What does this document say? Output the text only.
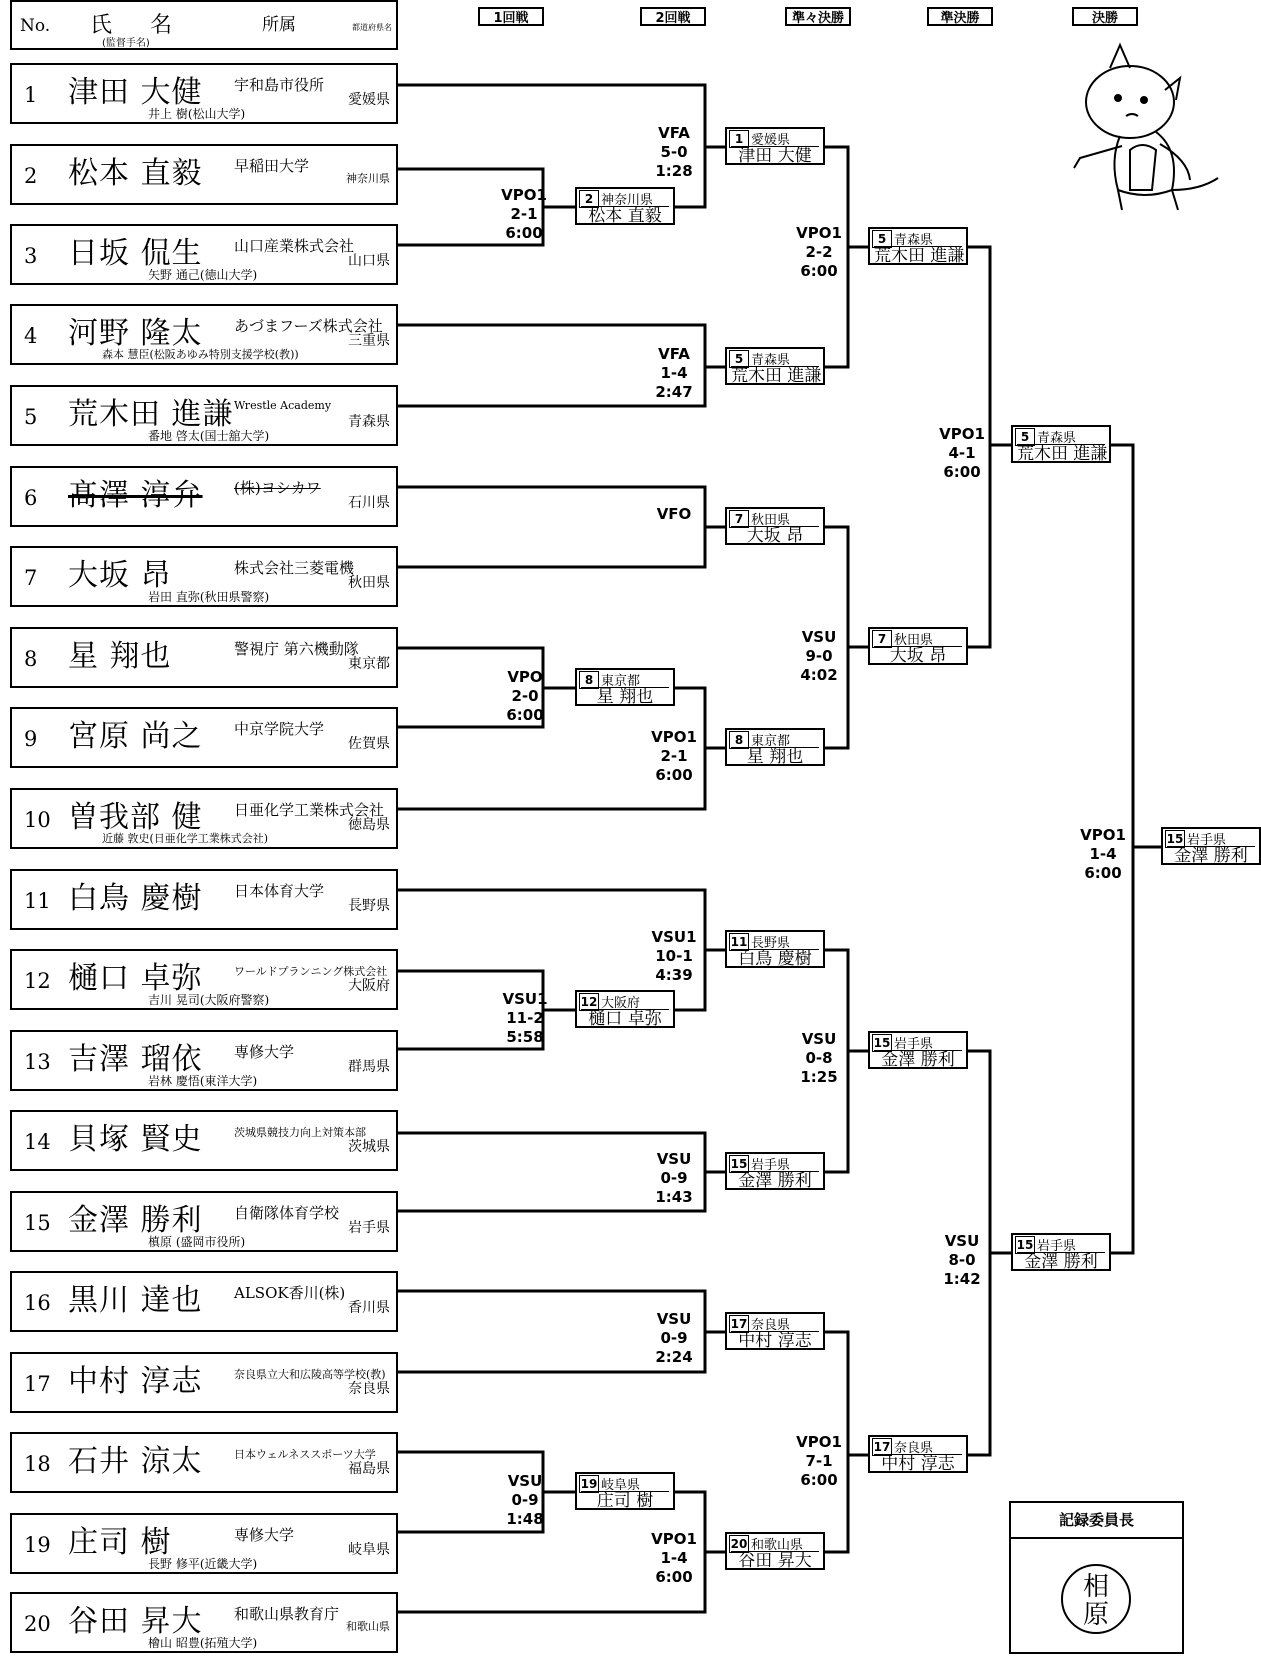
No. 氏　名
(監督手名)
所属	都道府県名
1回戦	2回戦	準々決勝	準決勝	決勝
1 津田 大健 宇和島市役所
愛媛県
井上 樹(松山大学)
2 松本 直毅 早稲田大学
神奈川県
3 日坂 侃生 山口産業株式会社
山口県
矢野 通己(徳山大学)
4 河野 隆太 あづまフーズ株式会社
三重県
森本 慧臣(松阪あゆみ特別支援学校(教))
5 荒木田 進謙 Wrestle Academy
青森県
番地 啓太(国士舘大学)
6 髙澤 淳弁 (株)ヨシカワ
石川県
7 大坂 昂	株式会社三菱電機
秋田県
岩田 直弥(秋田県警察)
8 星 翔也	警視庁 第六機動隊
東京都
9 宮原 尚之 中京学院大学
佐賀県
10 曽我部 健 日亜化学工業株式会社
徳島県
近藤 敦史(日亜化学工業株式会社)
11 白鳥 慶樹 日本体育大学
長野県
12 樋口 卓弥	ワールドプランニング株式会社
大阪府
吉川 晃司(大阪府警察)
13 吉澤 瑠依 専修大学
群馬県
岩林 慶悟(東洋大学)
14 貝塚 賢史	茨城県競技力向上対策本部
茨城県
15 金澤 勝利 自衛隊体育学校
岩手県
槙原 (盛岡市役所)
16 黒川 達也 ALSOK香川(株)
香川県
17 中村 淳志	奈良県立大和広陵高等学校(教)
奈良県
18 石井 涼太	日本ウェルネススポーツ大学
福島県
19 庄司 樹	専修大学
岐阜県
長野 修平(近畿大学)
20 谷田 昇大 和歌山県教育庁
和歌山県
檜山 昭豊(拓殖大学)
VPO1
2-1
6:00
VPO
2-0
6:00
VSU1
11-2
5:58
VSU
0-9
1:48
VFA
5-0
1:28
VFA
1-4
2:47
VFO
VPO1
2-1
6:00
VSU1
10-1
4:39
VSU
0-9
1:43
VSU
0-9
2:24
VPO1
1-4
6:00
VPO1
2-2
6:00
VSU
9-0
4:02
VSU
0-8
1:25
VPO1
7-1
6:00
VPO1
4-1
6:00
VSU
8-0
1:42
VPO1
1-4
6:00
2 神奈川県
松本 直毅
8 東京都
星 翔也
12 大阪府
樋口 卓弥
19 岐阜県
庄司 樹
1 愛媛県
津田 大健
5 青森県
荒木田 進謙
7 秋田県
大坂 昂
8 東京都
星 翔也
11 長野県
白鳥 慶樹
15 岩手県
金澤 勝利
17 奈良県
中村 淳志
20 和歌山県
谷田 昇大
5 青森県
荒木田 進謙
7 秋田県
大坂 昂
15 岩手県
金澤 勝利
17 奈良県
中村 淳志
5 青森県
荒木田 進謙
15 岩手県
金澤 勝利
15 岩手県
金澤 勝利
記録委員長
相
原
